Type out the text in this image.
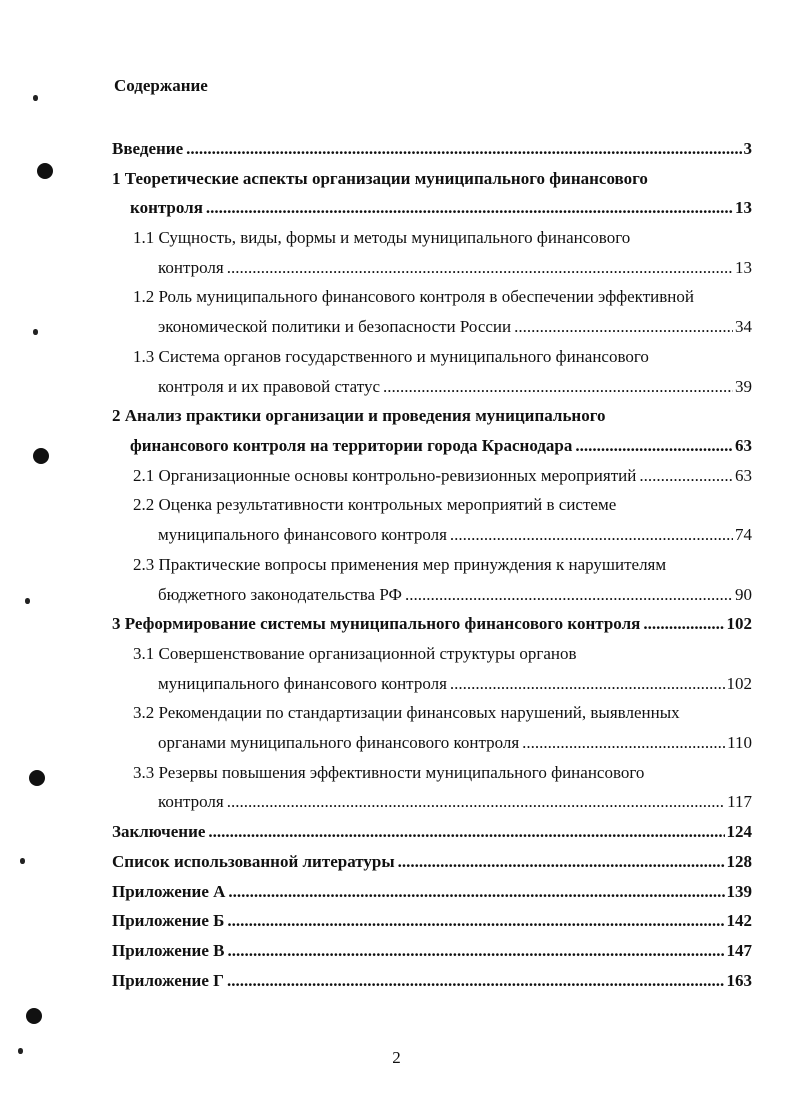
Содержание
Введение .....	3
1 Теоретические аспекты организации муниципального финансового
контроля .....	13
1.1 Сущность, виды, формы и методы муниципального финансового
контроля .....	13
1.2 Роль муниципального финансового контроля в обеспечении эффективной
экономической политики и безопасности России .....	34
1.3 Система органов государственного и муниципального финансового
контроля и их правовой статус .....	39
2 Анализ практики организации и проведения муниципального
финансового контроля на территории города Краснодара .....	63
2.1 Организационные основы контрольно-ревизионных мероприятий .....	63
2.2 Оценка результативности контрольных мероприятий в системе
муниципального финансового контроля .....	74
2.3 Практические вопросы применения мер принуждения к нарушителям
бюджетного законодательства РФ .....	90
3 Реформирование системы муниципального финансового контроля .....	102
3.1 Совершенствование организационной структуры органов
муниципального финансового контроля .....	102
3.2 Рекомендации по стандартизации финансовых нарушений, выявленных
органами муниципального финансового контроля .....	110
3.3 Резервы повышения эффективности муниципального финансового
контроля .....	117
Заключение .....	124
Список использованной литературы .....	128
Приложение А .....	139
Приложение Б .....	142
Приложение В .....	147
Приложение Г .....	163
2
